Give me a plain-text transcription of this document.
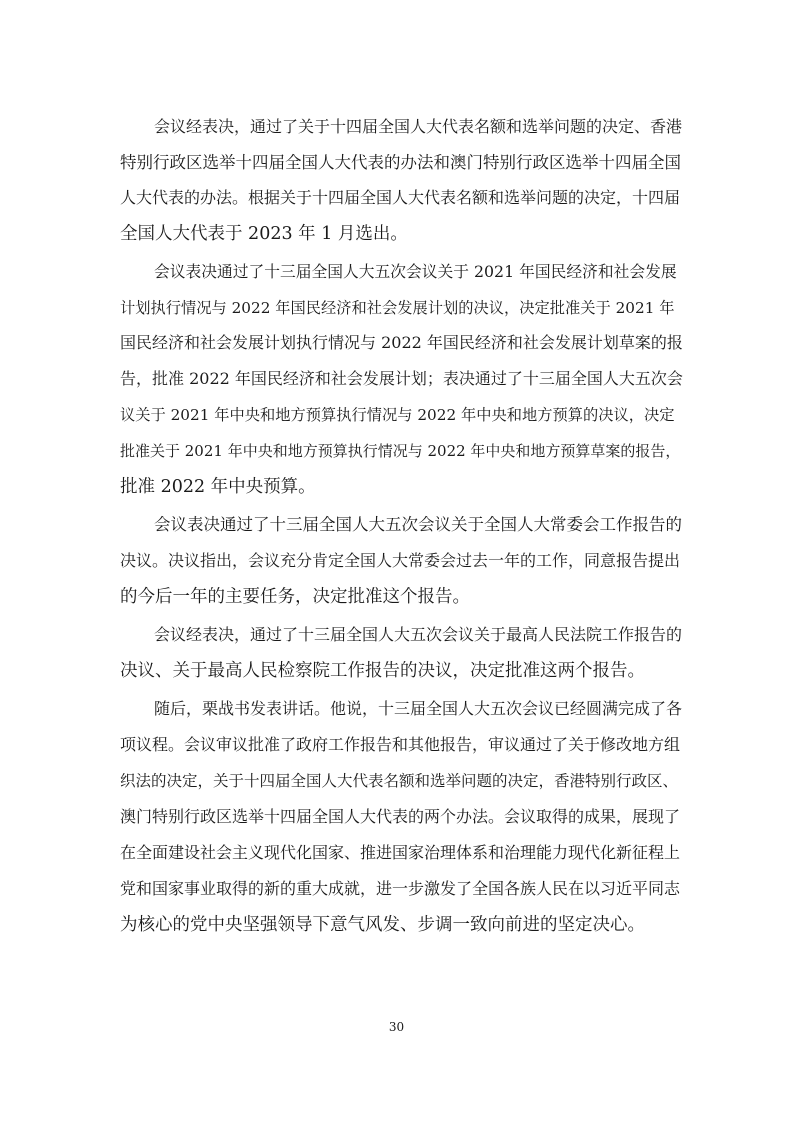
会议经表决，通过了关于十四届全国人大代表名额和选举问题的决定、香港
特别行政区选举十四届全国人大代表的办法和澳门特别行政区选举十四届全国
人大代表的办法。根据关于十四届全国人大代表名额和选举问题的决定，十四届
全国人大代表于 2023 年 1 月选出。
会议表决通过了十三届全国人大五次会议关于 2021 年国民经济和社会发展
计划执行情况与 2022 年国民经济和社会发展计划的决议，决定批准关于 2021 年
国民经济和社会发展计划执行情况与 2022 年国民经济和社会发展计划草案的报
告，批准 2022 年国民经济和社会发展计划；表决通过了十三届全国人大五次会
议关于 2021 年中央和地方预算执行情况与 2022 年中央和地方预算的决议，决定
批准关于 2021 年中央和地方预算执行情况与 2022 年中央和地方预算草案的报告，
批准 2022 年中央预算。
会议表决通过了十三届全国人大五次会议关于全国人大常委会工作报告的
决议。决议指出，会议充分肯定全国人大常委会过去一年的工作，同意报告提出
的今后一年的主要任务，决定批准这个报告。
会议经表决，通过了十三届全国人大五次会议关于最高人民法院工作报告的
决议、关于最高人民检察院工作报告的决议，决定批准这两个报告。
随后，栗战书发表讲话。他说，十三届全国人大五次会议已经圆满完成了各
项议程。会议审议批准了政府工作报告和其他报告，审议通过了关于修改地方组
织法的决定，关于十四届全国人大代表名额和选举问题的决定，香港特别行政区、
澳门特别行政区选举十四届全国人大代表的两个办法。会议取得的成果，展现了
在全面建设社会主义现代化国家、推进国家治理体系和治理能力现代化新征程上
党和国家事业取得的新的重大成就，进一步激发了全国各族人民在以习近平同志
为核心的党中央坚强领导下意气风发、步调一致向前进的坚定决心。
30
